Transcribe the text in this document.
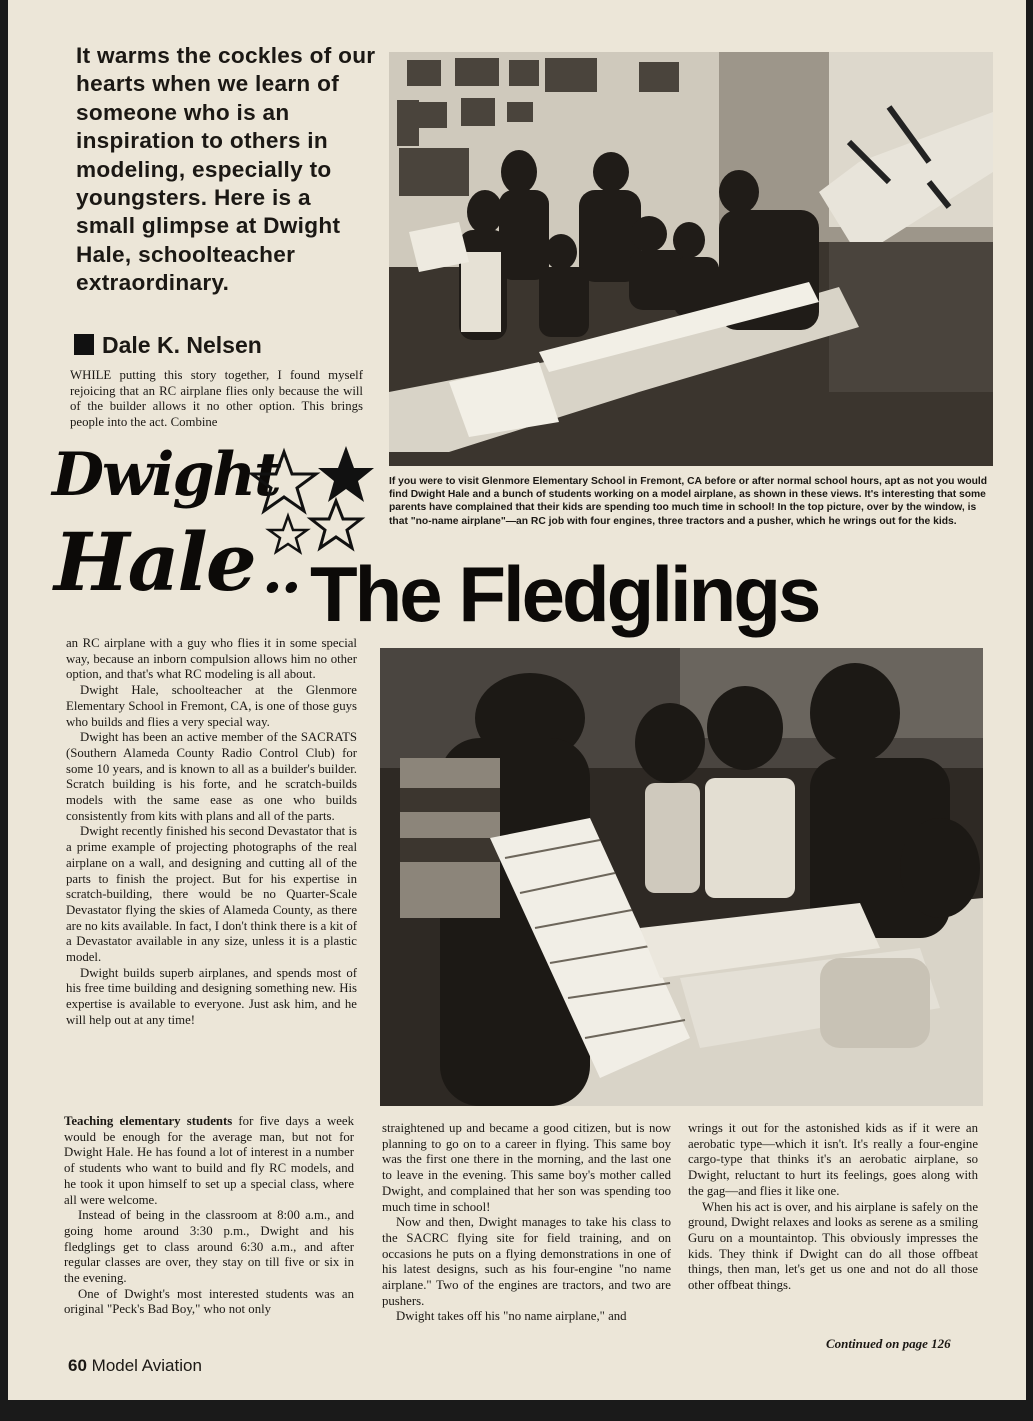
It warms the cockles of our hearts when we learn of someone who is an inspiration to others in modeling, especially to youngsters. Here is a small glimpse at Dwight Hale, schoolteacher extraordinary.
Dale K. Nelsen

WHILE putting this story together, I found myself rejoicing that an RC airplane flies only because the will of the builder allows it no other option. This brings people into the act. Combine

If you were to visit Glenmore Elementary School in Fremont, CA before or after normal school hours, apt as not you would find Dwight Hale and a bunch of students working on a model airplane, as shown in these views. It's interesting that some parents have complained that their kids are spending too much time in school! In the top picture, over by the window, is that "no-name airplane"—an RC job with four engines, three tractors and a pusher, which he wrings out for the kids.
Dwight
Hale .. The Fledglings

an RC airplane with a guy who flies it in some special way, because an inborn compulsion allows him no other option, and that's what RC modeling is all about.

Dwight Hale, schoolteacher at the Glenmore Elementary School in Fremont, CA, is one of those guys who builds and flies a very special way.

Dwight has been an active member of the SACRATS (Southern Alameda County Radio Control Club) for some 10 years, and is known to all as a builder's builder. Scratch building is his forte, and he scratch-builds models with the same ease as one who builds consistently from kits with plans and all of the parts.

Dwight recently finished his second Devastator that is a prime example of projecting photographs of the real airplane on a wall, and designing and cutting all of the parts to finish the project. But for his expertise in scratch-building, there would be no Quarter-Scale Devastator flying the skies of Alameda County, as there are no kits available. In fact, I don't think there is a kit of a Devastator available in any size, unless it is a plastic model.

Dwight builds superb airplanes, and spends most of his free time building and designing something new. His expertise is available to everyone. Just ask him, and he will help out at any time!

Teaching elementary students for five days a week would be enough for the average man, but not for Dwight Hale. He has found a lot of interest in a number of students who want to build and fly RC models, and he took it upon himself to set up a special class, where all were welcome.

Instead of being in the classroom at 8:00 a.m., and going home around 3:30 p.m., Dwight and his fledglings get to class around 6:30 a.m., and after regular classes are over, they stay on till five or six in the evening.

One of Dwight's most interested students was an original "Peck's Bad Boy," who not only

straightened up and became a good citizen, but is now planning to go on to a career in flying. This same boy was the first one there in the morning, and the last one to leave in the evening. This same boy's mother called Dwight, and complained that her son was spending too much time in school!

Now and then, Dwight manages to take his class to the SACRC flying site for field training, and on occasions he puts on a flying demonstrations in one of his latest designs, such as his four-engine "no name airplane." Two of the engines are tractors, and two are pushers.

Dwight takes off his "no name airplane," and

wrings it out for the astonished kids as if it were an aerobatic type—which it isn't. It's really a four-engine cargo-type that thinks it's an aerobatic airplane, so Dwight, reluctant to hurt its feelings, goes along with the gag—and flies it like one.

When his act is over, and his airplane is safely on the ground, Dwight relaxes and looks as serene as a smiling Guru on a mountaintop. This obviously impresses the kids. They think if Dwight can do all those offbeat things, then man, let's get us one and not do all those other offbeat things.

Continued on page 126
60 Model Aviation
